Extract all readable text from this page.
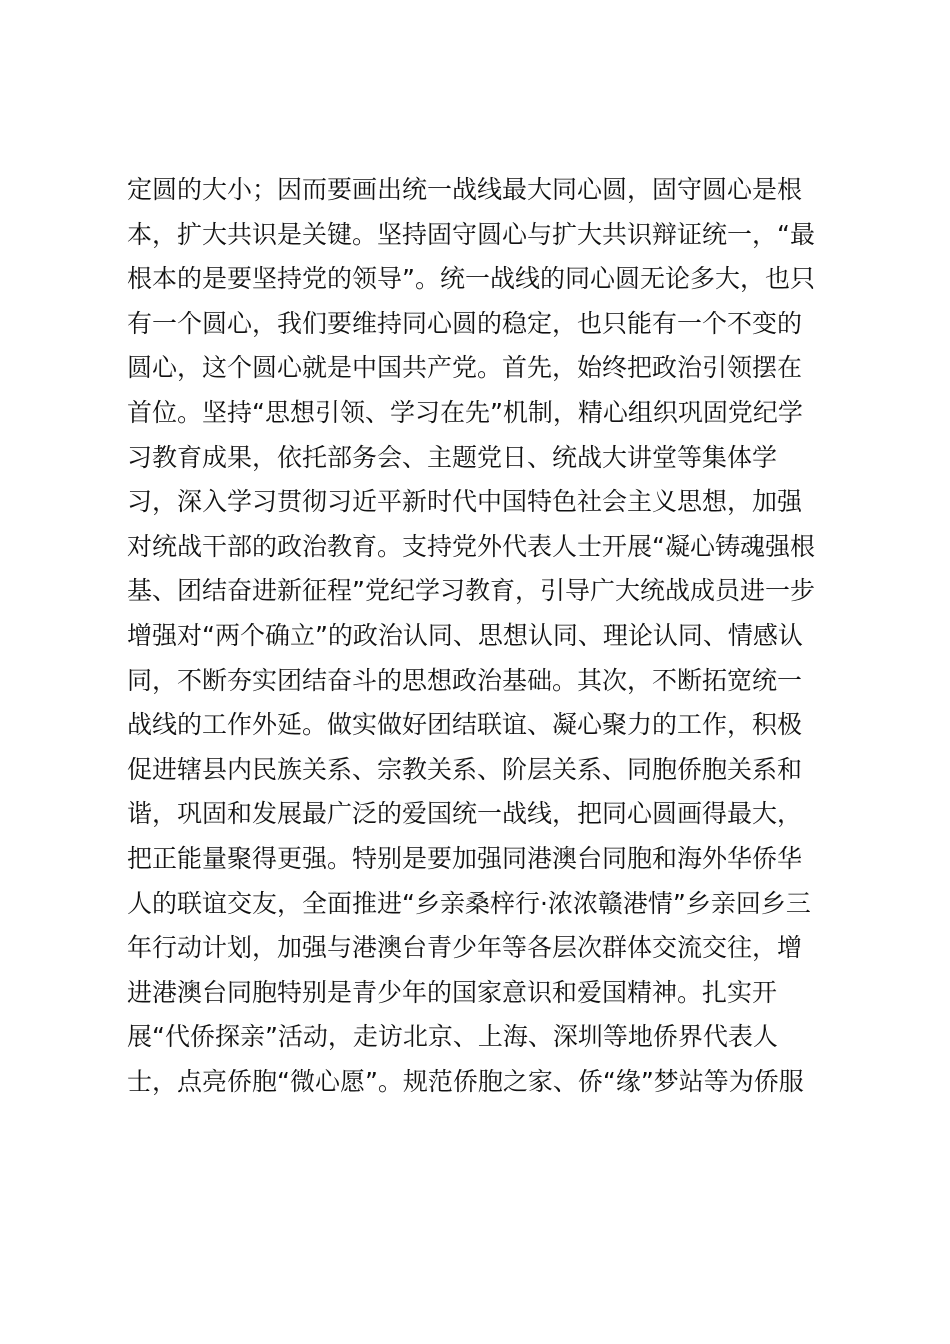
定圆的大小；因而要画出统一战线最大同心圆，固守圆心是根
本，扩大共识是关键。坚持固守圆心与扩大共识辩证统一，“最
根本的是要坚持党的领导”。统一战线的同心圆无论多大，也只
有一个圆心，我们要维持同心圆的稳定，也只能有一个不变的
圆心，这个圆心就是中国共产党。首先，始终把政治引领摆在
首位。坚持“思想引领、学习在先”机制，精心组织巩固党纪学
习教育成果，依托部务会、主题党日、统战大讲堂等集体学
习，深入学习贯彻习近平新时代中国特色社会主义思想，加强
对统战干部的政治教育。支持党外代表人士开展“凝心铸魂强根
基、团结奋进新征程”党纪学习教育，引导广大统战成员进一步
增强对“两个确立”的政治认同、思想认同、理论认同、情感认
同，不断夯实团结奋斗的思想政治基础。其次，不断拓宽统一
战线的工作外延。做实做好团结联谊、凝心聚力的工作，积极
促进辖县内民族关系、宗教关系、阶层关系、同胞侨胞关系和
谐，巩固和发展最广泛的爱国统一战线，把同心圆画得最大，
把正能量聚得更强。特别是要加强同港澳台同胞和海外华侨华
人的联谊交友，全面推进“乡亲桑梓行·浓浓赣港情”乡亲回乡三
年行动计划，加强与港澳台青少年等各层次群体交流交往，增
进港澳台同胞特别是青少年的国家意识和爱国精神。扎实开
展“代侨探亲”活动，走访北京、上海、深圳等地侨界代表人
士，点亮侨胞“微心愿”。规范侨胞之家、侨“缘”梦站等为侨服
